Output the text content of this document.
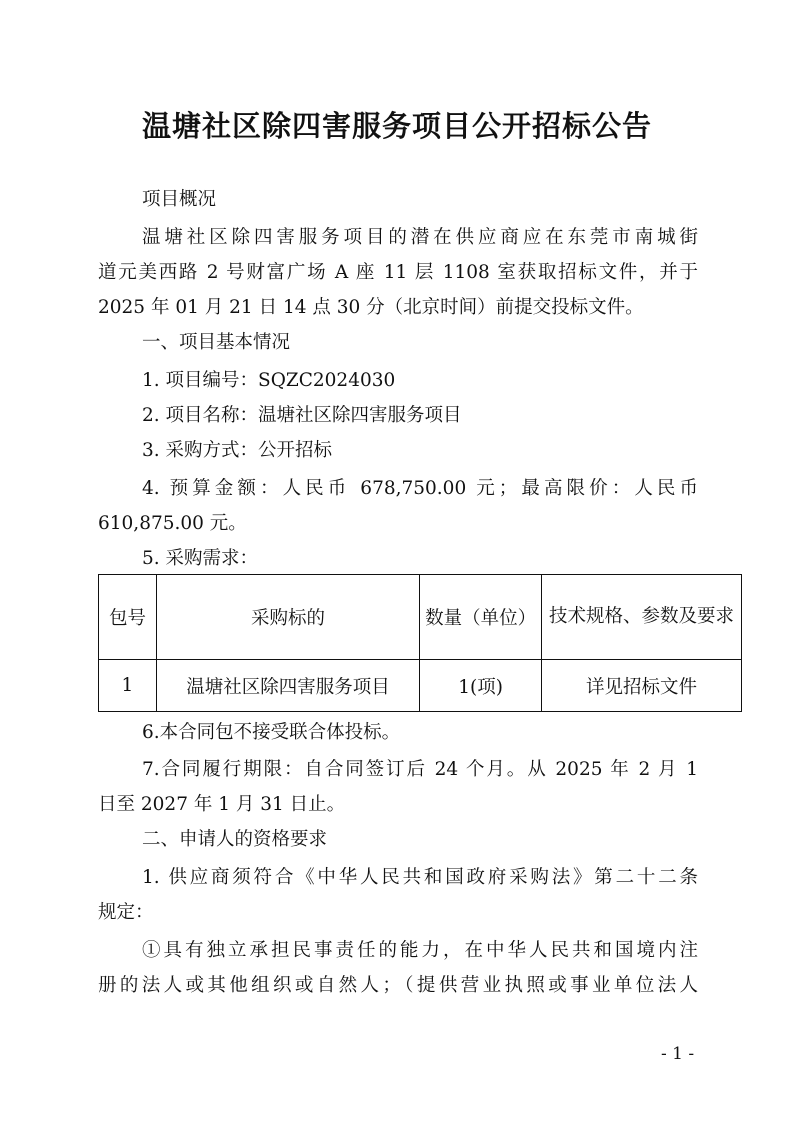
温塘社区除四害服务项目公开招标公告
项目概况
温塘社区除四害服务项目的潜在供应商应在东莞市南城街
道元美西路 2 号财富广场 A 座 11 层 1108 室获取招标文件，并于
2025 年 01 月 21 日 14 点 30 分（北京时间）前提交投标文件。
一、项目基本情况
1. 项目编号：SQZC2024030
2. 项目名称：温塘社区除四害服务项目
3. 采购方式：公开招标
4. 预算金额：人民币 678,750.00 元；最高限价：人民币
610,875.00 元。
5. 采购需求：
包号	采购标的	数量（单位）	技术规格、参数及要求
1	温塘社区除四害服务项目	1(项)	详见招标文件
6.本合同包不接受联合体投标。
7.合同履行期限：自合同签订后 24 个月。从 2025 年 2 月 1
日至 2027 年 1 月 31 日止。
二、申请人的资格要求
1. 供应商须符合《中华人民共和国政府采购法》第二十二条
规定：
①具有独立承担民事责任的能力，在中华人民共和国境内注
册的法人或其他组织或自然人；（提供营业执照或事业单位法人
- 1 -
